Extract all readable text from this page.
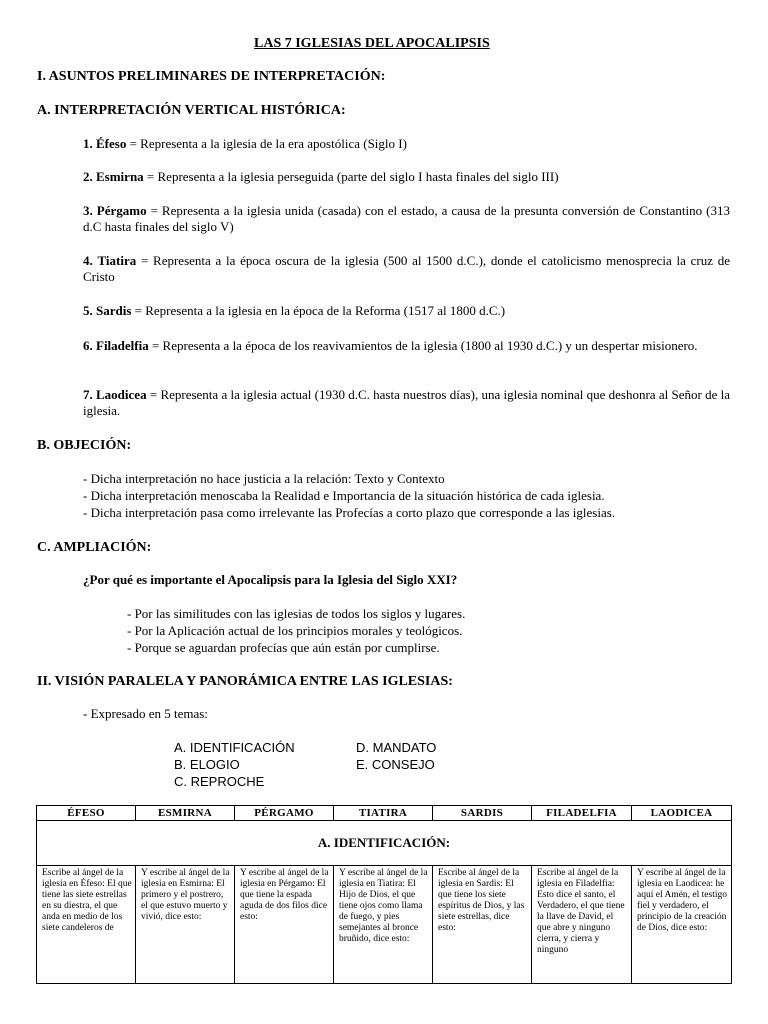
LAS 7 IGLESIAS DEL APOCALIPSIS
I. ASUNTOS PRELIMINARES DE INTERPRETACIÓN:
A. INTERPRETACIÓN VERTICAL HISTÓRICA:
1. Éfeso = Representa a la iglesia de la era apostólica (Siglo I)
2. Esmirna = Representa a la iglesia perseguida (parte del siglo I hasta finales del siglo III)
3. Pérgamo = Representa a la iglesia unida (casada) con el estado, a causa de la presunta conversión de Constantino (313 d.C hasta finales del siglo V)
4. Tiatira = Representa a la época oscura de la iglesia (500 al 1500 d.C.), donde el catolicismo menosprecia la cruz de Cristo
5. Sardis = Representa a la iglesia en la época de la Reforma (1517 al 1800 d.C.)
6. Filadelfia = Representa a la época de los reavivamientos de la iglesia (1800 al 1930 d.C.) y un despertar misionero.
7. Laodicea = Representa a la iglesia actual (1930 d.C. hasta nuestros días), una iglesia nominal que deshonra al Señor de la iglesia.
B. OBJECIÓN:
- Dicha interpretación no hace justicia a la relación: Texto y Contexto
- Dicha interpretación menoscaba la Realidad e Importancia de la situación histórica de cada iglesia.
- Dicha interpretación pasa como irrelevante las Profecías a corto plazo que corresponde a las iglesias.
C. AMPLIACIÓN:
¿Por qué es importante el Apocalipsis para la Iglesia del Siglo XXI?
- Por las similitudes con las iglesias de todos los siglos y lugares.
- Por la Aplicación actual de los principios morales y teológicos.
- Porque se aguardan profecías que aún están por cumplirse.
II. VISIÓN PARALELA Y PANORÁMICA ENTRE LAS IGLESIAS:
- Expresado en 5 temas:
A. IDENTIFICACIÓN
B. ELOGIO
C. REPROCHE
D. MANDATO
E. CONSEJO
ÉFESO	ESMIRNA	PÉRGAMO	TIATIRA	SARDIS	FILADELFIA	LAODICEA
A. IDENTIFICACIÓN:						
Escribe al ángel de la iglesia en Éfeso: El que tiene las siete estrellas en su diestra, el que anda en medio de los siete candeleros de	Y escribe al ángel de la iglesia en Esmirna: El primero y el postrero, el que estuvo muerto y vivió, dice esto:	Y escribe al ángel de la iglesia en Pérgamo: El que tiene la espada aguda de dos filos dice esto:	Y escribe al ángel de la iglesia en Tiatira: El Hijo de Dios, el que tiene ojos como llama de fuego, y pies semejantes al bronce bruñido, dice esto:	Escribe al ángel de la iglesia en Sardis: El que tiene los siete espíritus de Dios, y las siete estrellas, dice esto:	Escribe al ángel de la iglesia en Filadelfia: Esto dice el santo, el Verdadero, el que tiene la llave de David, el que abre y ninguno cierra, y cierra y ninguno	Y escribe al ángel de la iglesia en Laodicea: he aquí el Amén, el testigo fiel y verdadero, el principio de la creación de Dios, dice esto:
